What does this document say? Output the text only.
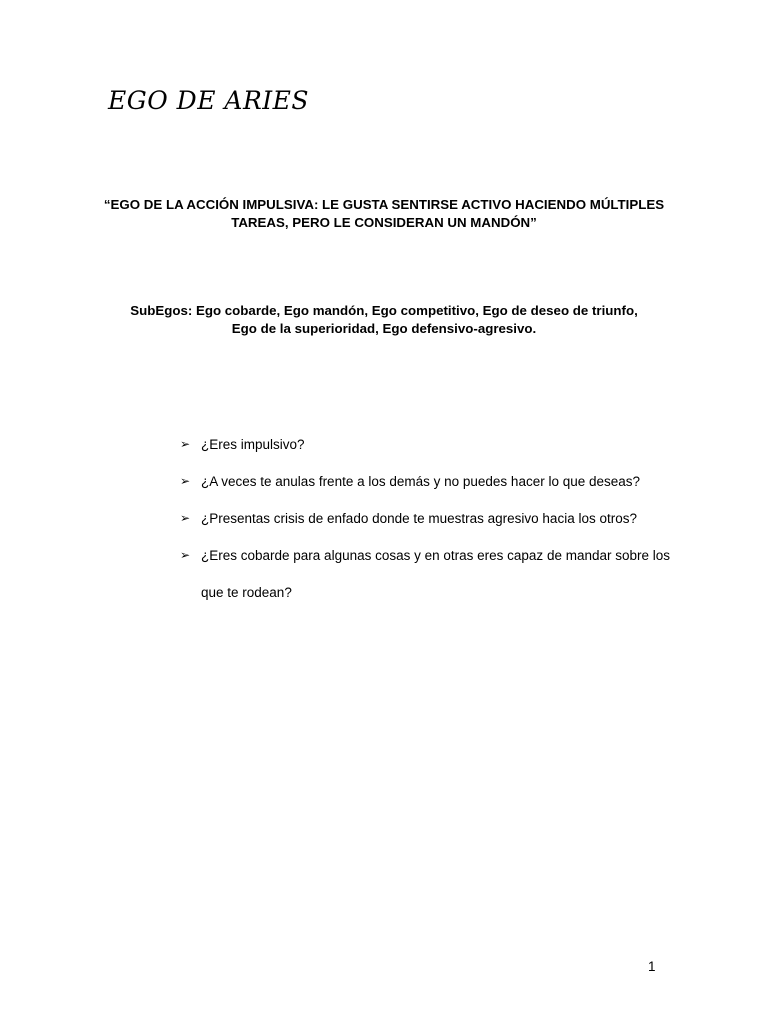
EGO DE ARIES

“EGO DE LA ACCIÓN IMPULSIVA: LE GUSTA SENTIRSE ACTIVO HACIENDO MÚLTIPLES
TAREAS, PERO LE CONSIDERAN UN MANDÓN”

SubEgos: Ego cobarde, Ego mandón, Ego competitivo, Ego de deseo de triunfo,
Ego de la superioridad, Ego defensivo-agresivo.

➢ ¿Eres impulsivo?
➢ ¿A veces te anulas frente a los demás y no puedes hacer lo que deseas?
➢ ¿Presentas crisis de enfado donde te muestras agresivo hacia los otros?
➢ ¿Eres cobarde para algunas cosas y en otras eres capaz de mandar sobre los que te rodean?
1
